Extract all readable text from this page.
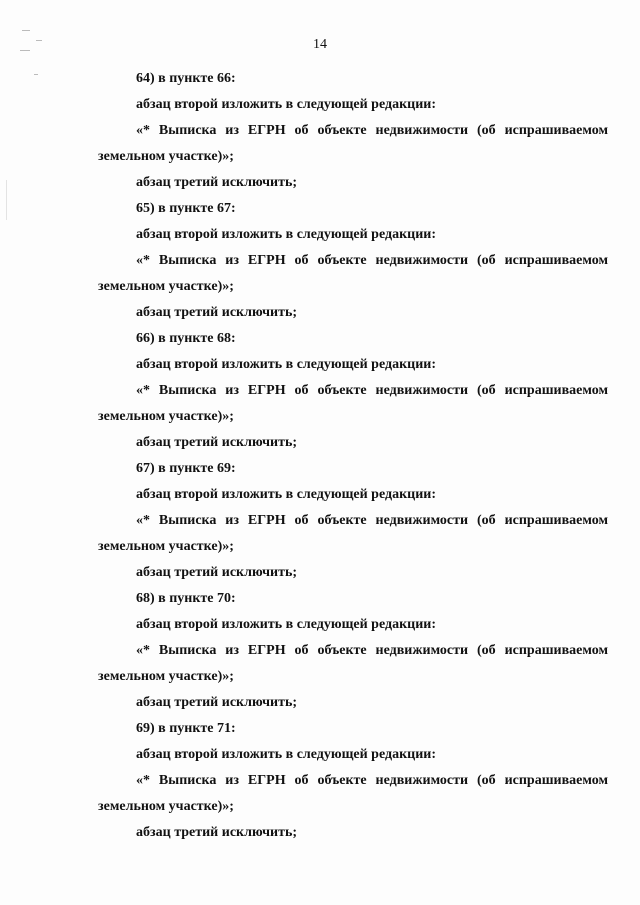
14
64) в пункте 66:
абзац второй изложить в следующей редакции:
«* Выписка из ЕГРН об объекте недвижимости (об испрашиваемом
земельном участке)»;
абзац третий исключить;
65) в пункте 67:
абзац второй изложить в следующей редакции:
«* Выписка из ЕГРН об объекте недвижимости (об испрашиваемом
земельном участке)»;
абзац третий исключить;
66) в пункте 68:
абзац второй изложить в следующей редакции:
«* Выписка из ЕГРН об объекте недвижимости (об испрашиваемом
земельном участке)»;
абзац третий исключить;
67) в пункте 69:
абзац второй изложить в следующей редакции:
«* Выписка из ЕГРН об объекте недвижимости (об испрашиваемом
земельном участке)»;
абзац третий исключить;
68) в пункте 70:
абзац второй изложить в следующей редакции:
«* Выписка из ЕГРН об объекте недвижимости (об испрашиваемом
земельном участке)»;
абзац третий исключить;
69) в пункте 71:
абзац второй изложить в следующей редакции:
«* Выписка из ЕГРН об объекте недвижимости (об испрашиваемом
земельном участке)»;
абзац третий исключить;
